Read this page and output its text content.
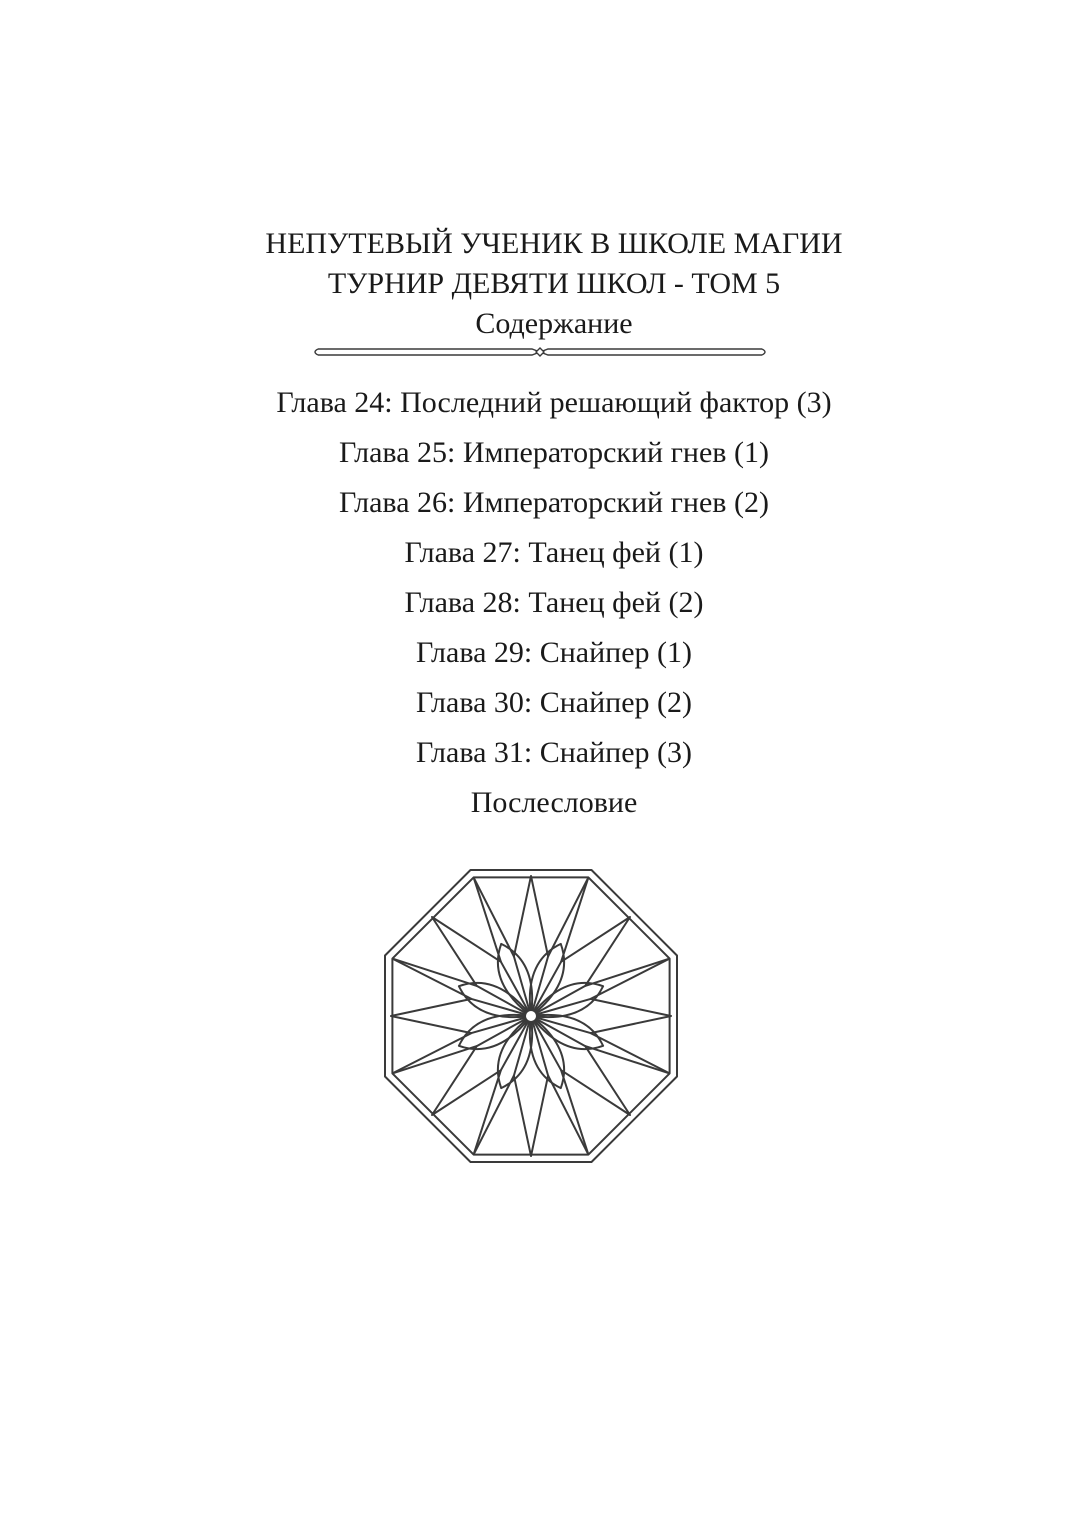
НЕПУТЕВЫЙ УЧЕНИК В ШКОЛЕ МАГИИ

ТУРНИР ДЕВЯТИ ШКОЛ - ТОМ 5

Содержание

Глава 24: Последний решающий фактор (3)
Глава 25: Императорский гнев (1)
Глава 26: Императорский гнев (2)
Глава 27: Танец фей (1)
Глава 28: Танец фей (2)
Глава 29: Снайпер (1)
Глава 30: Снайпер (2)
Глава 31: Снайпер (3)
Послесловие
